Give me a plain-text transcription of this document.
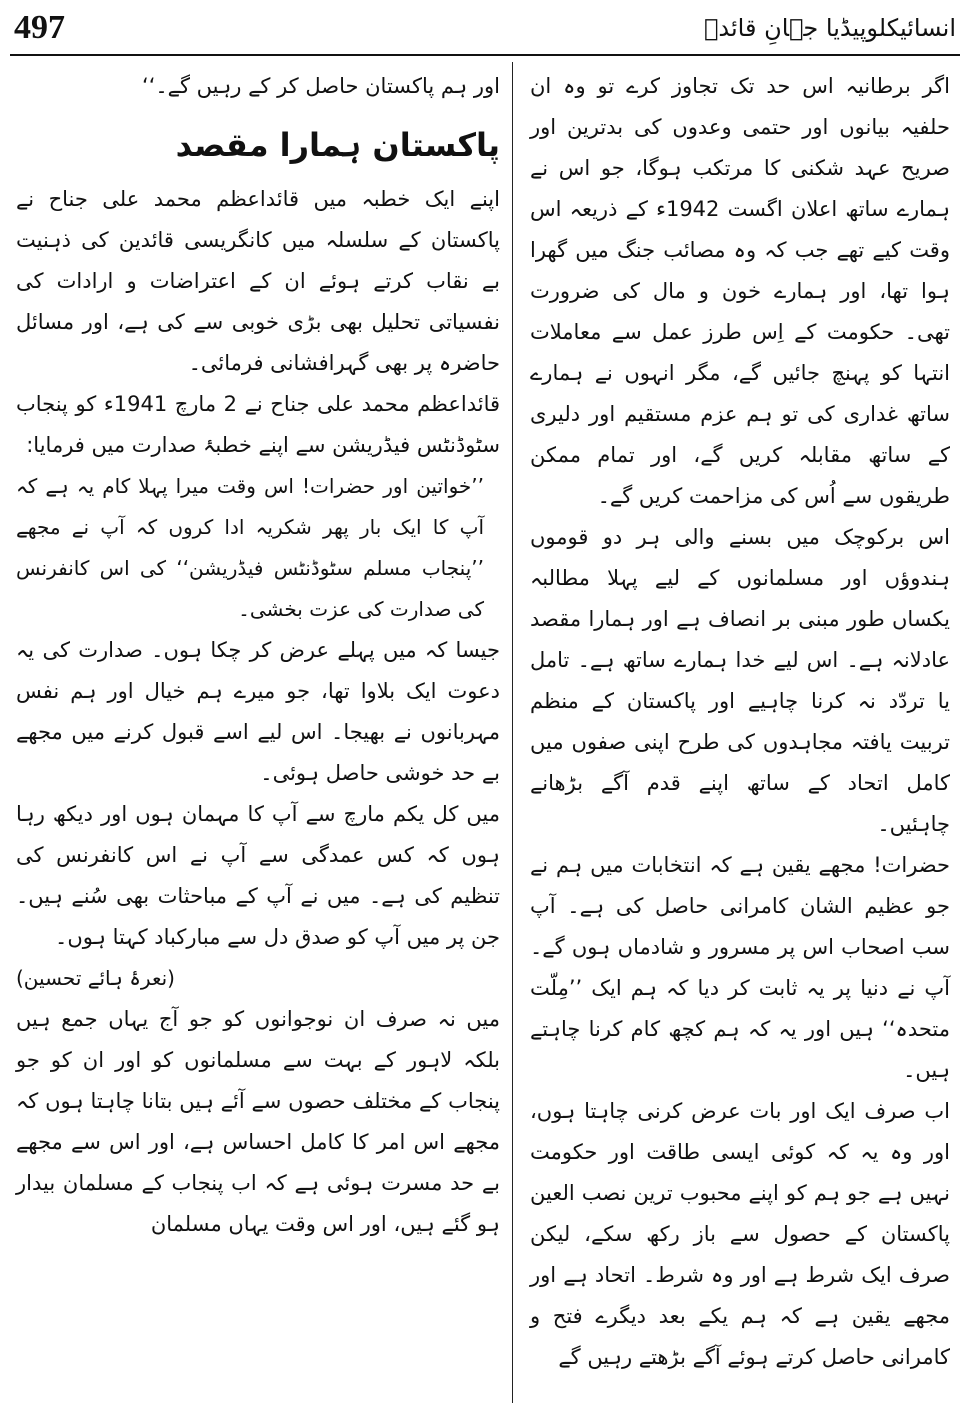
497	انسائیکلوپیڈیا جہانِ قائدؒ

اگر برطانیہ اس حد تک تجاوز کرے تو وہ ان حلفیہ بیانوں اور حتمی وعدوں کی بدترین اور صریح عہد شکنی کا مرتکب ہوگا، جو اس نے ہمارے ساتھ اعلان اگست 1942ء کے ذریعہ اس وقت کیے تھے جب کہ وہ مصائب جنگ میں گھرا ہوا تھا، اور ہمارے خون و مال کی ضرورت تھی۔ حکومت کے اِس طرز عمل سے معاملات انتہا کو پہنچ جائیں گے، مگر انہوں نے ہمارے ساتھ غداری کی تو ہم عزم مستقیم اور دلیری کے ساتھ مقابلہ کریں گے، اور تمام ممکن طریقوں سے اُس کی مزاحمت کریں گے۔

اس برکوچک میں بسنے والی ہر دو قوموں ہندوؤں اور مسلمانوں کے لیے پہلا مطالبہ یکساں طور مبنی بر انصاف ہے اور ہمارا مقصد عادلانہ ہے۔ اس لیے خدا ہمارے ساتھ ہے۔ تامل یا تردّد نہ کرنا چاہیے اور پاکستان کے منظم تربیت یافتہ مجاہدوں کی طرح اپنی صفوں میں کامل اتحاد کے ساتھ اپنے قدم آگے بڑھانے چاہئیں۔

حضرات! مجھے یقین ہے کہ انتخابات میں ہم نے جو عظیم الشان کامرانی حاصل کی ہے۔ آپ سب اصحاب اس پر مسرور و شادماں ہوں گے۔ آپ نے دنیا پر یہ ثابت کر دیا کہ ہم ایک ’’مِلّت متحدہ‘‘ ہیں اور یہ کہ ہم کچھ کام کرنا چاہتے ہیں۔

اب صرف ایک اور بات عرض کرنی چاہتا ہوں، اور وہ یہ کہ کوئی ایسی طاقت اور حکومت نہیں ہے جو ہم کو اپنے محبوب ترین نصب العین پاکستان کے حصول سے باز رکھ سکے، لیکن صرف ایک شرط ہے اور وہ شرط۔ اتحاد ہے اور مجھے یقین ہے کہ ہم یکے بعد دیگرے فتح و کامرانی حاصل کرتے ہوئے آگے بڑھتے رہیں گے

اور ہم پاکستان حاصل کر کے رہیں گے۔‘‘

پاکستان ہمارا مقصد

اپنے ایک خطبہ میں قائداعظم محمد علی جناح نے پاکستان کے سلسلہ میں کانگریسی قائدین کی ذہنیت بے نقاب کرتے ہوئے ان کے اعتراضات و ارادات کی نفسیاتی تحلیل بھی بڑی خوبی سے کی ہے، اور مسائل حاضرہ پر بھی گہرافشانی فرمائی۔

قائداعظم محمد علی جناح نے 2 مارچ 1941ء کو پنجاب سٹوڈنٹس فیڈریشن سے اپنے خطبۂ صدارت میں فرمایا:

’’خواتین اور حضرات! اس وقت میرا پہلا کام یہ ہے کہ آپ کا ایک بار پھر شکریہ ادا کروں کہ آپ نے مجھے ’’پنجاب مسلم سٹوڈنٹس فیڈریشن‘‘ کی اس کانفرنس کی صدارت کی عزت بخشی۔

جیسا کہ میں پہلے عرض کر چکا ہوں۔ صدارت کی یہ دعوت ایک بلاوا تھا، جو میرے ہم خیال اور ہم نفس مہربانوں نے بھیجا۔ اس لیے اسے قبول کرنے میں مجھے بے حد خوشی حاصل ہوئی۔

میں کل یکم مارچ سے آپ کا مہمان ہوں اور دیکھ رہا ہوں کہ کس عمدگی سے آپ نے اس کانفرنس کی تنظیم کی ہے۔ میں نے آپ کے مباحثات بھی سُنے ہیں۔ جن پر میں آپ کو صدق دل سے مبارکباد کہتا ہوں۔

(نعرۂ ہائے تحسین)

میں نہ صرف ان نوجوانوں کو جو آج یہاں جمع ہیں بلکہ لاہور کے بہت سے مسلمانوں کو اور ان کو جو پنجاب کے مختلف حصوں سے آئے ہیں بتانا چاہتا ہوں کہ مجھے اس امر کا کامل احساس ہے، اور اس سے مجھے بے حد مسرت ہوئی ہے کہ اب پنجاب کے مسلمان بیدار ہو گئے ہیں، اور اس وقت یہاں مسلمان
